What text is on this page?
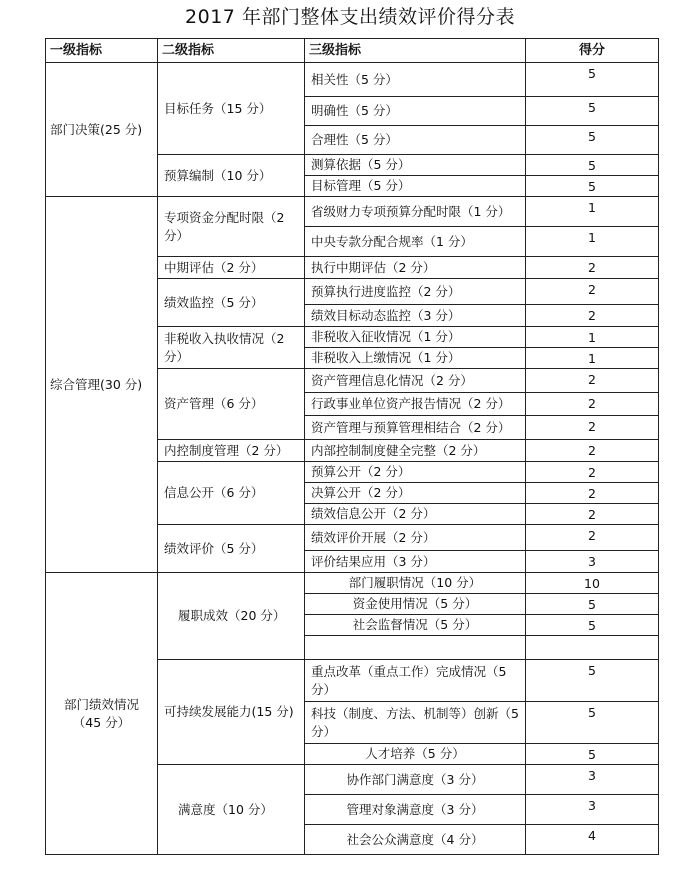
2017 年部门整体支出绩效评价得分表
一级指标	二级指标	三级指标	得分
部门决策(25 分)	目标任务（15 分）	相关性（5 分）	5
		明确性（5 分）	5
		合理性（5 分）	5
	预算编制（10 分）	测算依据（5 分）	5
		目标管理（5 分）	5
综合管理(30 分)	专项资金分配时限（2 分）	省级财力专项预算分配时限（1 分）	1
		中央专款分配合规率（1 分）	1
	中期评估（2 分）	执行中期评估（2 分）	2
	绩效监控（5 分）	预算执行进度监控（2 分）	2
		绩效目标动态监控（3 分）	2
	非税收入执收情况（2 分）	非税收入征收情况（1 分）	1
		非税收入上缴情况（1 分）	1
	资产管理（6 分）	资产管理信息化情况（2 分）	2
		行政事业单位资产报告情况（2 分）	2
		资产管理与预算管理相结合（2 分）	2
	内控制度管理（2 分）	内部控制制度健全完整（2 分）	2
	信息公开（6 分）	预算公开（2 分）	2
		决算公开（2 分）	2
		绩效信息公开（2 分）	2
	绩效评价（5 分）	绩效评价开展（2 分）	2
		评价结果应用（3 分）	3
部门绩效情况（45 分）	履职成效（20 分）	部门履职情况（10 分）	10
		资金使用情况（5 分）	5
		社会监督情况（5 分）	5

	可持续发展能力(15 分)	重点改革（重点工作）完成情况（5 分）	5
		科技（制度、方法、机制等）创新（5 分）	5
		人才培养（5 分）	5
	满意度（10 分）	协作部门满意度（3 分）	3
		管理对象满意度（3 分）	3
		社会公众满意度（4 分）	4
